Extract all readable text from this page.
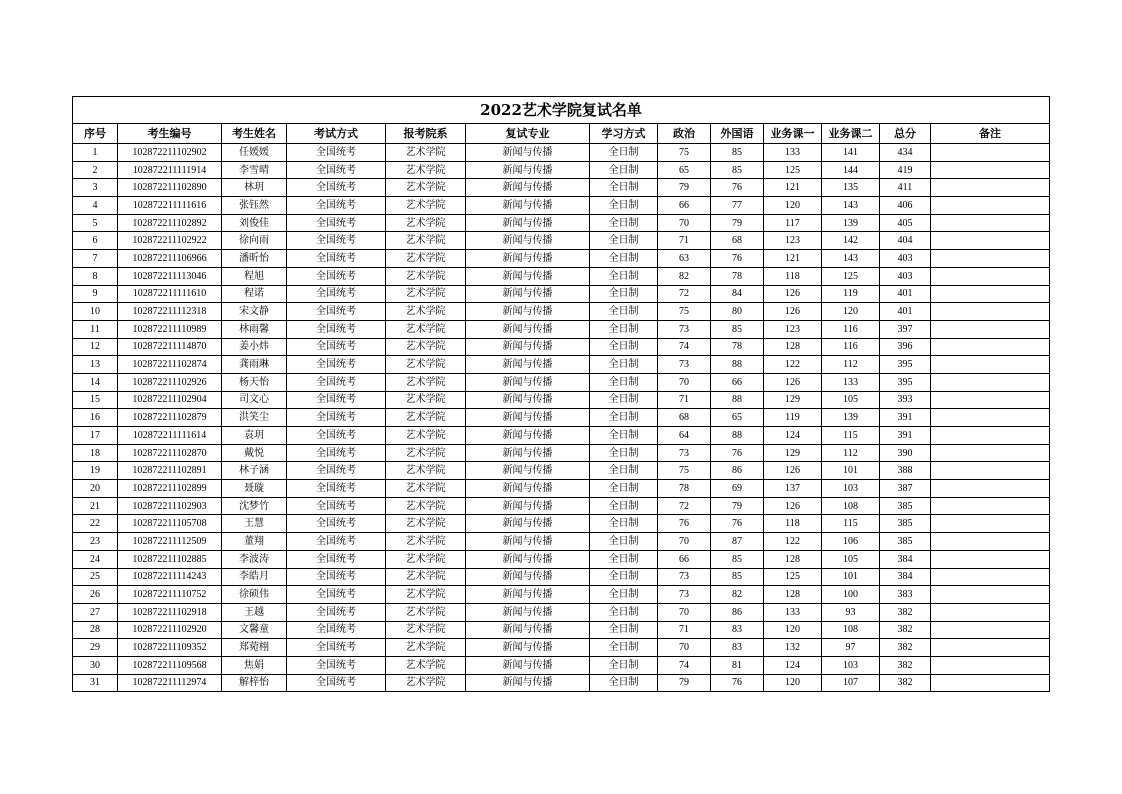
2022艺术学院复试名单												
序号	考生编号	考生姓名	考试方式	报考院系	复试专业	学习方式	政治	外国语	业务课一	业务课二	总分	备注
1	102872211102902	任媛媛	全国统考	艺术学院	新闻与传播	全日制	75	85	133	141	434	
2	102872211111914	李雪晴	全国统考	艺术学院	新闻与传播	全日制	65	85	125	144	419	
3	102872211102890	林玥	全国统考	艺术学院	新闻与传播	全日制	79	76	121	135	411	
4	102872211111616	张钰然	全国统考	艺术学院	新闻与传播	全日制	66	77	120	143	406	
5	102872211102892	刘俊佳	全国统考	艺术学院	新闻与传播	全日制	70	79	117	139	405	
6	102872211102922	徐向雨	全国统考	艺术学院	新闻与传播	全日制	71	68	123	142	404	
7	102872211106966	潘昕怡	全国统考	艺术学院	新闻与传播	全日制	63	76	121	143	403	
8	102872211113046	程旭	全国统考	艺术学院	新闻与传播	全日制	82	78	118	125	403	
9	102872211111610	程诺	全国统考	艺术学院	新闻与传播	全日制	72	84	126	119	401	
10	102872211112318	宋文静	全国统考	艺术学院	新闻与传播	全日制	75	80	126	120	401	
11	102872211110989	林雨馨	全国统考	艺术学院	新闻与传播	全日制	73	85	123	116	397	
12	102872211114870	姜小炜	全国统考	艺术学院	新闻与传播	全日制	74	78	128	116	396	
13	102872211102874	龚雨琳	全国统考	艺术学院	新闻与传播	全日制	73	88	122	112	395	
14	102872211102926	杨天怡	全国统考	艺术学院	新闻与传播	全日制	70	66	126	133	395	
15	102872211102904	司文心	全国统考	艺术学院	新闻与传播	全日制	71	88	129	105	393	
16	102872211102879	洪笑尘	全国统考	艺术学院	新闻与传播	全日制	68	65	119	139	391	
17	102872211111614	袁玥	全国统考	艺术学院	新闻与传播	全日制	64	88	124	115	391	
18	102872211102870	戴悦	全国统考	艺术学院	新闻与传播	全日制	73	76	129	112	390	
19	102872211102891	林子涵	全国统考	艺术学院	新闻与传播	全日制	75	86	126	101	388	
20	102872211102899	聂璇	全国统考	艺术学院	新闻与传播	全日制	78	69	137	103	387	
21	102872211102903	沈梦竹	全国统考	艺术学院	新闻与传播	全日制	72	79	126	108	385	
22	102872211105708	王慧	全国统考	艺术学院	新闻与传播	全日制	76	76	118	115	385	
23	102872211112509	董翔	全国统考	艺术学院	新闻与传播	全日制	70	87	122	106	385	
24	102872211102885	李波涛	全国统考	艺术学院	新闻与传播	全日制	66	85	128	105	384	
25	102872211114243	李皓月	全国统考	艺术学院	新闻与传播	全日制	73	85	125	101	384	
26	102872211110752	徐硕伟	全国统考	艺术学院	新闻与传播	全日制	73	82	128	100	383	
27	102872211102918	王越	全国统考	艺术学院	新闻与传播	全日制	70	86	133	93	382	
28	102872211102920	文馨童	全国统考	艺术学院	新闻与传播	全日制	71	83	120	108	382	
29	102872211109352	郑菀栩	全国统考	艺术学院	新闻与传播	全日制	70	83	132	97	382	
30	102872211109568	焦娟	全国统考	艺术学院	新闻与传播	全日制	74	81	124	103	382	
31	102872211112974	解梓怡	全国统考	艺术学院	新闻与传播	全日制	79	76	120	107	382	
